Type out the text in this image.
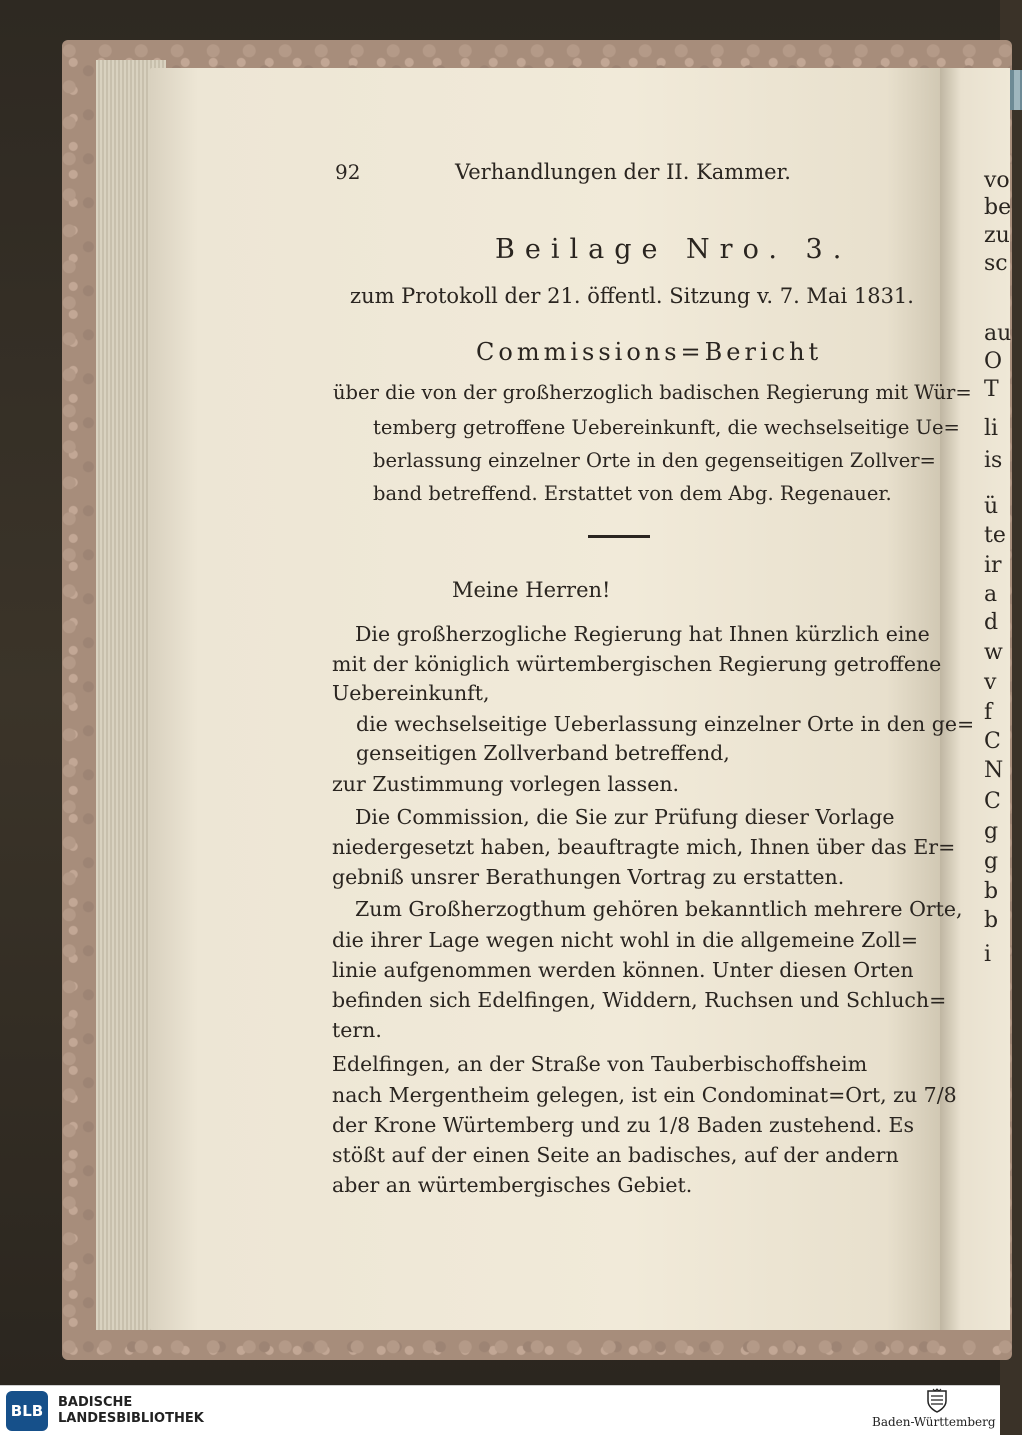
vo
be
zu
sc
au
O
T
li
is
ü
te
ir
a
d
w
v
f
C
N
C
g
g
b
b
i
92	Verhandlungen der II. Kammer.
Beilage Nro. 3.
zum Protokoll der 21. öffentl. Sitzung v. 7. Mai 1831.
Commissions=Bericht
über die von der großherzoglich badischen Regierung mit Wür=
temberg getroffene Uebereinkunft, die wechselseitige Ue=
berlassung einzelner Orte in den gegenseitigen Zollver=
band betreffend. Erstattet von dem Abg. Regenauer.
Meine Herren!
Die großherzogliche Regierung hat Ihnen kürzlich eine
mit der königlich würtembergischen Regierung getroffene
Uebereinkunft,
die wechselseitige Ueberlassung einzelner Orte in den ge=
genseitigen Zollverband betreffend,
zur Zustimmung vorlegen lassen.
Die Commission, die Sie zur Prüfung dieser Vorlage
niedergesetzt haben, beauftragte mich, Ihnen über das Er=
gebniß unsrer Berathungen Vortrag zu erstatten.
Zum Großherzogthum gehören bekanntlich mehrere Orte,
die ihrer Lage wegen nicht wohl in die allgemeine Zoll=
linie aufgenommen werden können. Unter diesen Orten
befinden sich Edelfingen, Widdern, Ruchsen und Schluch=
tern.
Edelfingen, an der Straße von Tauberbischoffsheim
nach Mergentheim gelegen, ist ein Condominat=Ort, zu 7/8
der Krone Würtemberg und zu 1/8 Baden zustehend. Es
stößt auf der einen Seite an badisches, auf der andern
aber an würtembergisches Gebiet.
BLB	BADISCHE
LANDESBIBLIOTHEK	Baden-Württemberg
